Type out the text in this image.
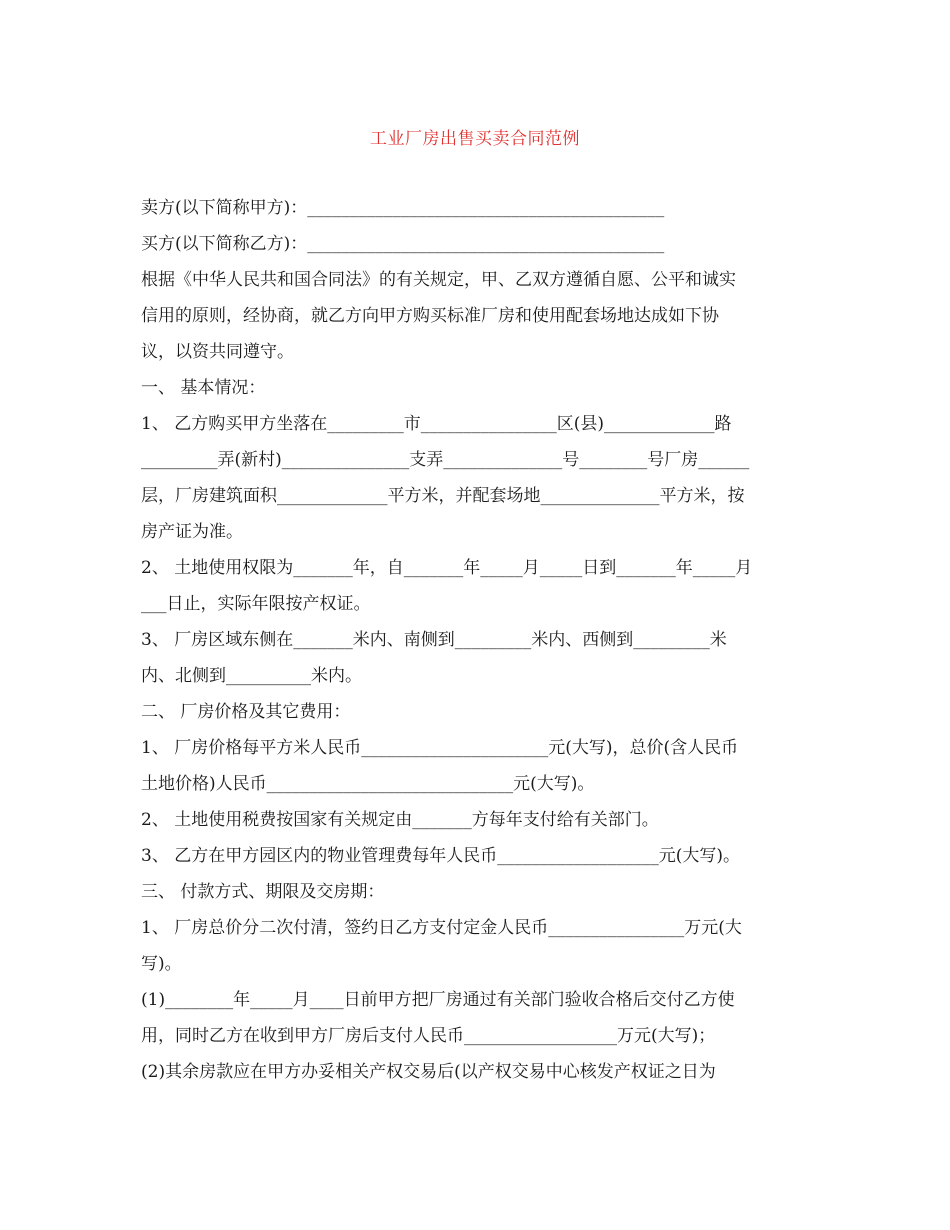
工业厂房出售买卖合同范例
卖方(以下简称甲方)：__________________________________________
买方(以下简称乙方)：__________________________________________
根据《中华人民共和国合同法》的有关规定，甲、乙双方遵循自愿、公平和诚实
信用的原则，经协商，就乙方向甲方购买标准厂房和使用配套场地达成如下协
议，以资共同遵守。
一、 基本情况：
1、 乙方购买甲方坐落在_________市________________区(县)_____________路
_________弄(新村)_______________支弄______________号________号厂房______
层，厂房建筑面积_____________平方米，并配套场地______________平方米，按
房产证为准。
2、 土地使用权限为_______年，自_______年_____月_____日到_______年_____月
___日止，实际年限按产权证。
3、 厂房区域东侧在_______米内、南侧到_________米内、西侧到_________米
内、北侧到__________米内。
二、 厂房价格及其它费用：
1、 厂房价格每平方米人民币______________________元(大写)，总价(含人民币
土地价格)人民币_____________________________元(大写)。
2、 土地使用税费按国家有关规定由_______方每年支付给有关部门。
3、 乙方在甲方园区内的物业管理费每年人民币___________________元(大写)。
三、 付款方式、期限及交房期：
1、 厂房总价分二次付清，签约日乙方支付定金人民币________________万元(大
写)。
(1)________年_____月____日前甲方把厂房通过有关部门验收合格后交付乙方使
用，同时乙方在收到甲方厂房后支付人民币__________________万元(大写)；
(2)其余房款应在甲方办妥相关产权交易后(以产权交易中心核发产权证之日为
